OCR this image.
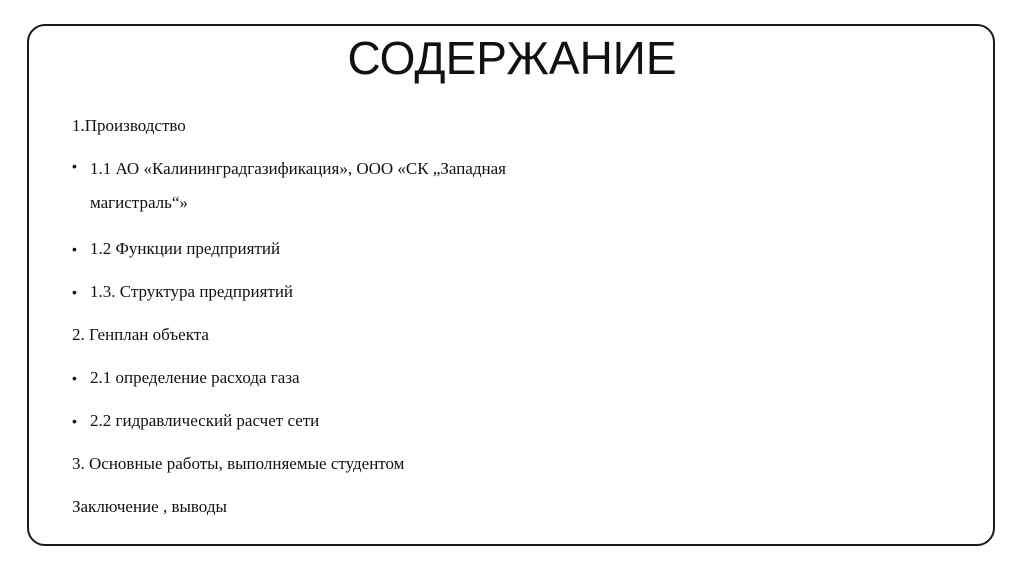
СОДЕРЖАНИЕ
1.Производство
• 1.1 АО «Калининградгазификация», ООО «СК „Западная магистраль“»
• 1.2 Функции предприятий
• 1.3. Структура предприятий
2. Генплан объекта
• 2.1 определение расхода газа
• 2.2 гидравлический расчет сети
3. Основные работы, выполняемые студентом
Заключение , выводы
